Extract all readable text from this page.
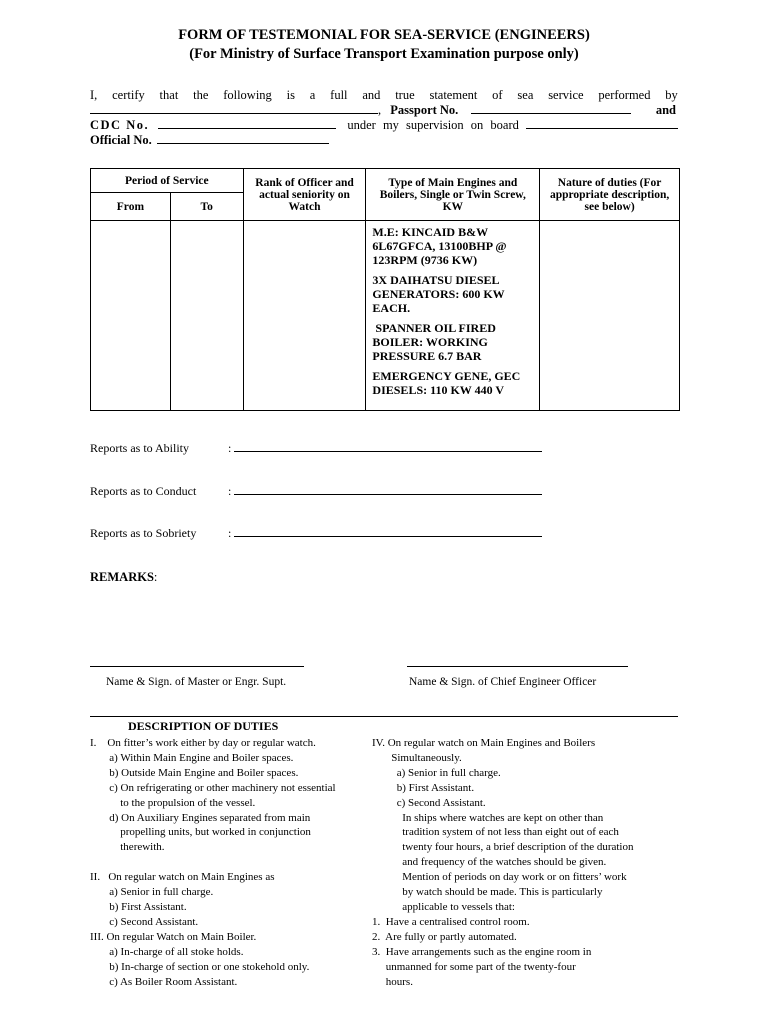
FORM OF TESTEMONIAL FOR SEA-SERVICE (ENGINEERS)
(For Ministry of Surface Transport Examination purpose only)
I, certify that the following is a full and true statement of sea service performed by
, Passport No.	and
CDC No.	under my supervision on board
Official No.
Period of Service		Rank of Officer and actual seniority on Watch	Type of Main Engines and Boilers, Single or Twin Screw, KW	Nature of duties (For appropriate description, see below)
From	To			

			M.E: KINCAID B&W 6L67GFCA, 13100BHP @ 123RPM (9736 KW)

3X DAIHATSU DIESEL GENERATORS: 600 KW EACH.

SPANNER OIL FIRED BOILER: WORKING PRESSURE 6.7 BAR

EMERGENCY GENE, GEC DIESELS: 110 KW 440 V	

Reports as to Ability	:
Reports as to Conduct	:
Reports as to Sobriety	:
REMARKS:
Name & Sign. of Master or Engr. Supt.	Name & Sign. of Chief Engineer Officer
DESCRIPTION OF DUTIES
I.    On fitter’s work either by day or regular watch.
a) Within Main Engine and Boiler spaces.
b) Outside Main Engine and Boiler spaces.
c) On refrigerating or other machinery not essential
to the propulsion of the vessel.
d) On Auxiliary Engines separated from main
propelling units, but worked in conjunction
therewith.

II.   On regular watch on Main Engines as
a) Senior in full charge.
b) First Assistant.
c) Second Assistant.
III. On regular Watch on Main Boiler.
a) In-charge of all stoke holds.
b) In-charge of section or one stokehold only.
c) As Boiler Room Assistant.
IV. On regular watch on Main Engines and Boilers
Simultaneously.
a) Senior in full charge.
b) First Assistant.
c) Second Assistant.
In ships where watches are kept on other than
tradition system of not less than eight out of each
twenty four hours, a brief description of the duration
and frequency of the watches should be given.
Mention of periods on day work or on fitters’ work
by watch should be made. This is particularly
applicable to vessels that:
1.  Have a centralised control room.
2.  Are fully or partly automated.
3.  Have arrangements such as the engine room in
unmanned for some part of the twenty-four
hours.
